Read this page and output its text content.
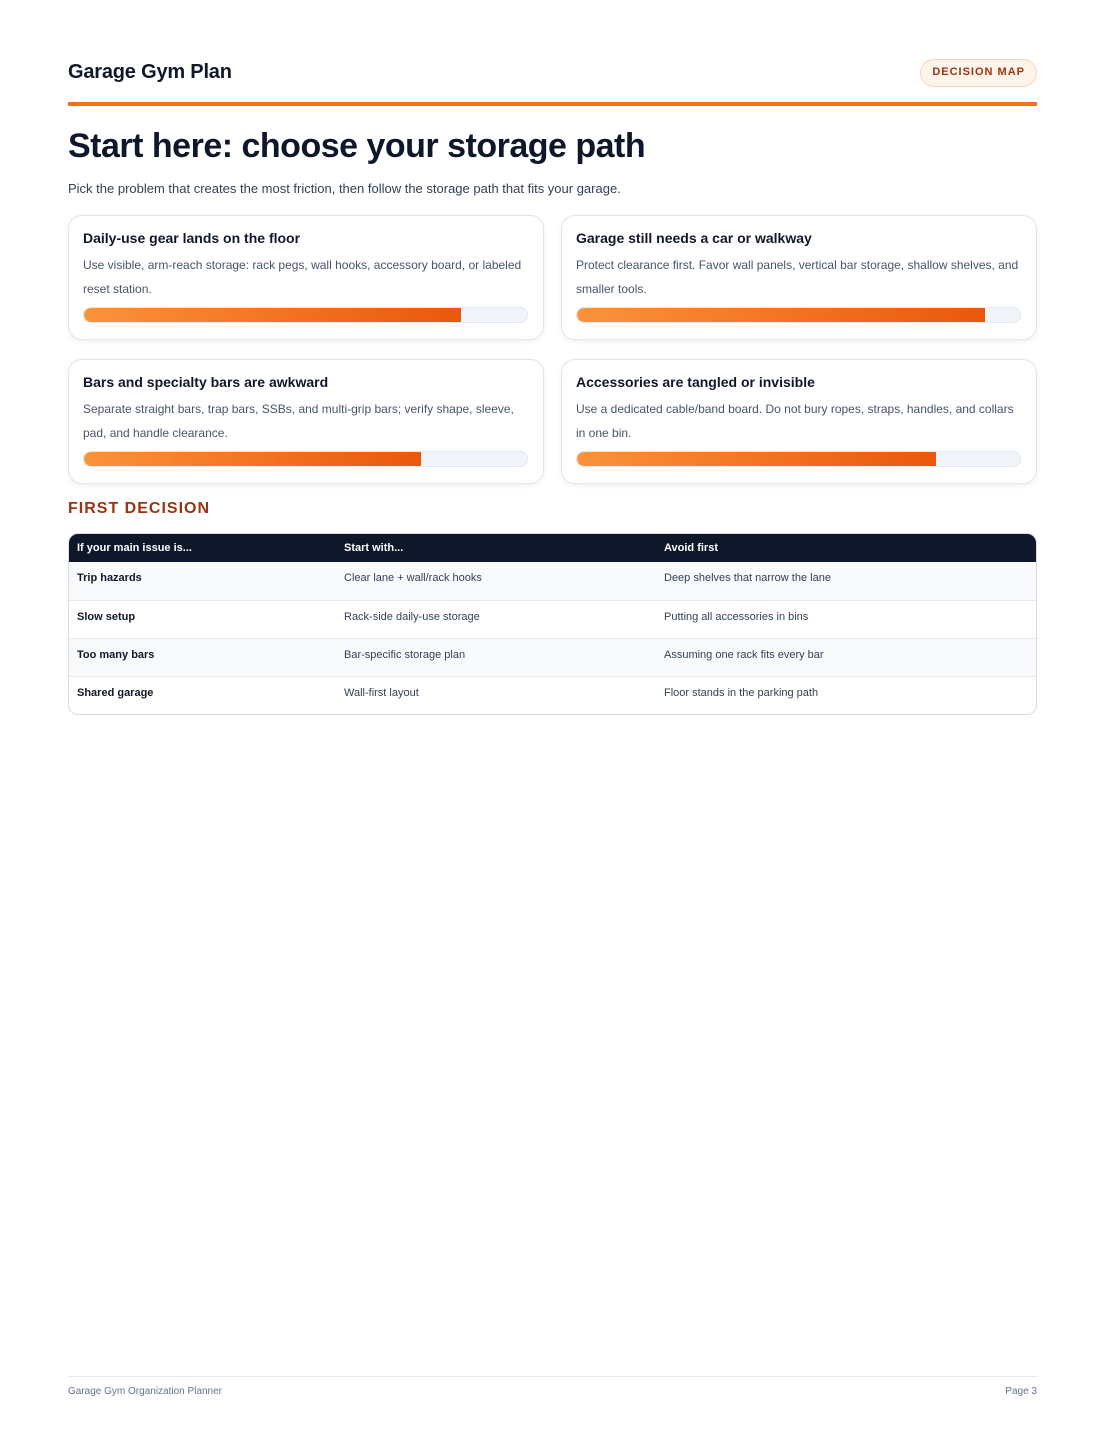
Garage Gym Plan	DECISION MAP
Start here: choose your storage path
Pick the problem that creates the most friction, then follow the storage path that fits your garage.
Daily-use gear lands on the floor

Use visible, arm-reach storage: rack pegs, wall hooks, accessory board, or labeled reset station.

Garage still needs a car or walkway

Protect clearance first. Favor wall panels, vertical bar storage, shallow shelves, and smaller tools.

Bars and specialty bars are awkward

Separate straight bars, trap bars, SSBs, and multi-grip bars; verify shape, sleeve, pad, and handle clearance.

Accessories are tangled or invisible

Use a dedicated cable/band board. Do not bury ropes, straps, handles, and collars in one bin.

FIRST DECISION
If your main issue is...	Start with...	Avoid first
Trip hazards	Clear lane + wall/rack hooks	Deep shelves that narrow the lane
Slow setup	Rack-side daily-use storage	Putting all accessories in bins
Too many bars	Bar-specific storage plan	Assuming one rack fits every bar
Shared garage	Wall-first layout	Floor stands in the parking path
Garage Gym Organization Planner	Page 3
